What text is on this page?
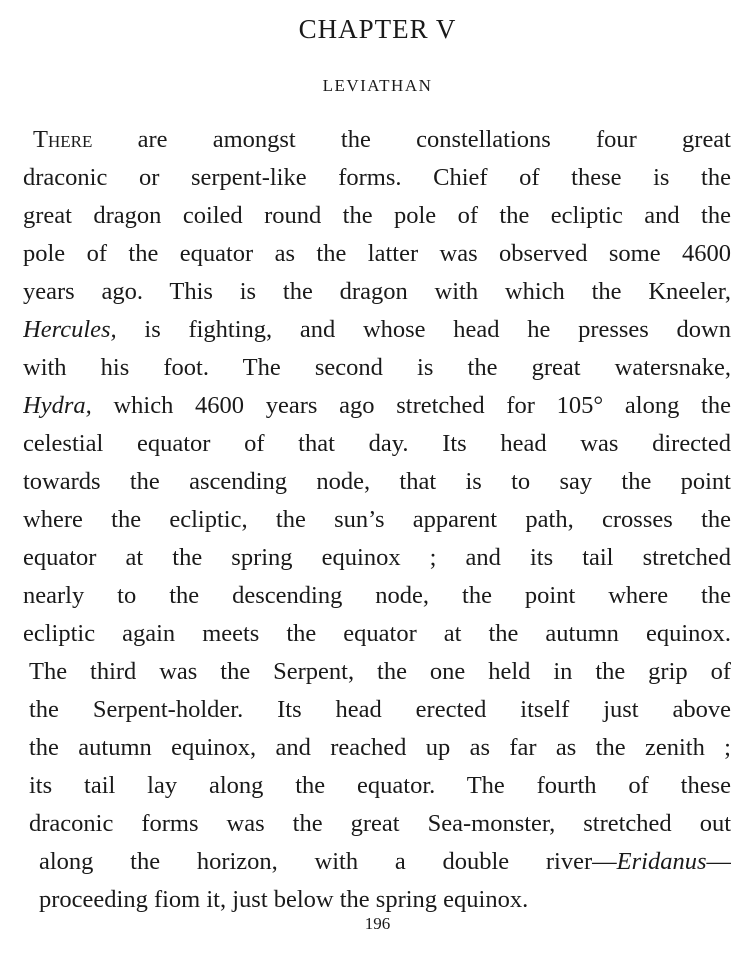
CHAPTER V
LEVIATHAN
There are amongst the constellations four great
draconic or serpent-like forms. Chief of these is the
great dragon coiled round the pole of the ecliptic and the
pole of the equator as the latter was observed some 4600
years ago. This is the dragon with which the Kneeler,
Hercules, is fighting, and whose head he presses down
with his foot. The second is the great watersnake,
Hydra, which 4600 years ago stretched for 105° along the
celestial equator of that day. Its head was directed
towards the ascending node, that is to say the point
where the ecliptic, the sun’s apparent path, crosses the
equator at the spring equinox ; and its tail stretched
nearly to the descending node, the point where the
ecliptic again meets the equator at the autumn equinox.
The third was the Serpent, the one held in the grip of
the Serpent-holder. Its head erected itself just above
the autumn equinox, and reached up as far as the zenith ;
its tail lay along the equator. The fourth of these
draconic forms was the great Sea-monster, stretched out
along the horizon, with a double river—Eridanus—
proceeding fiom it, just below the spring equinox.
196
